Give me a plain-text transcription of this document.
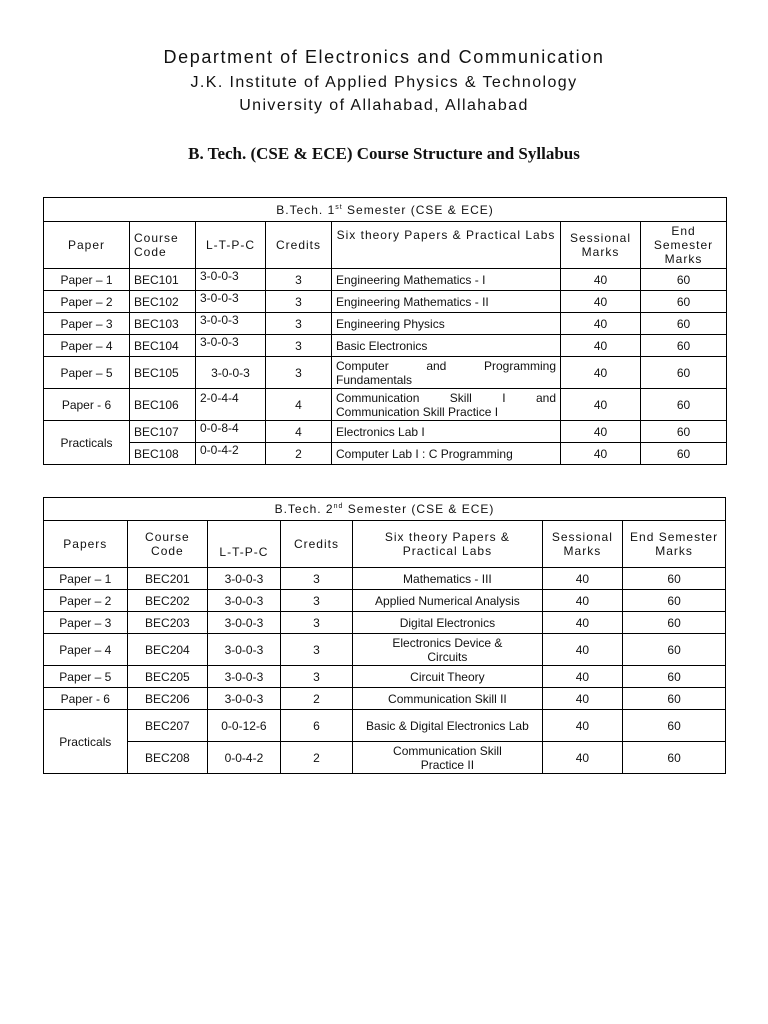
Department of Electronics and Communication
J.K. Institute of Applied Physics & Technology
University of Allahabad, Allahabad
B. Tech. (CSE & ECE) Course Structure and Syllabus
B.Tech. 1st Semester (CSE & ECE)						
Paper	Course Code	L-T-P-C	Credits	Six theory Papers & Practical Labs	Sessional Marks	End Semester Marks
Paper – 1	BEC101	3-0-0-3	3	Engineering Mathematics - I	40	60
Paper – 2	BEC102	3-0-0-3	3	Engineering Mathematics - II	40	60
Paper – 3	BEC103	3-0-0-3	3	Engineering Physics	40	60
Paper – 4	BEC104	3-0-0-3	3	Basic Electronics	40	60
Paper – 5	BEC105	3-0-0-3	3	Computer and Programming Fundamentals	40	60
Paper - 6	BEC106	2-0-4-4	4	Communication Skill I and Communication Skill Practice I	40	60
Practicals	BEC107	0-0-8-4	4	Electronics Lab I	40	60
	BEC108	0-0-4-2	2	Computer Lab I : C Programming	40	60
B.Tech. 2nd Semester (CSE & ECE)						
Papers	Course Code	L-T-P-C	Credits	Six theory Papers & Practical Labs	Sessional Marks	End Semester Marks
Paper – 1	BEC201	3-0-0-3	3	Mathematics - III	40	60
Paper – 2	BEC202	3-0-0-3	3	Applied Numerical Analysis	40	60
Paper – 3	BEC203	3-0-0-3	3	Digital Electronics	40	60
Paper – 4	BEC204	3-0-0-3	3	Electronics Device & Circuits	40	60
Paper – 5	BEC205	3-0-0-3	3	Circuit Theory	40	60
Paper - 6	BEC206	3-0-0-3	2	Communication Skill II	40	60
Practicals	BEC207	0-0-12-6	6	Basic & Digital Electronics Lab	40	60
	BEC208	0-0-4-2	2	Communication Skill Practice II	40	60
